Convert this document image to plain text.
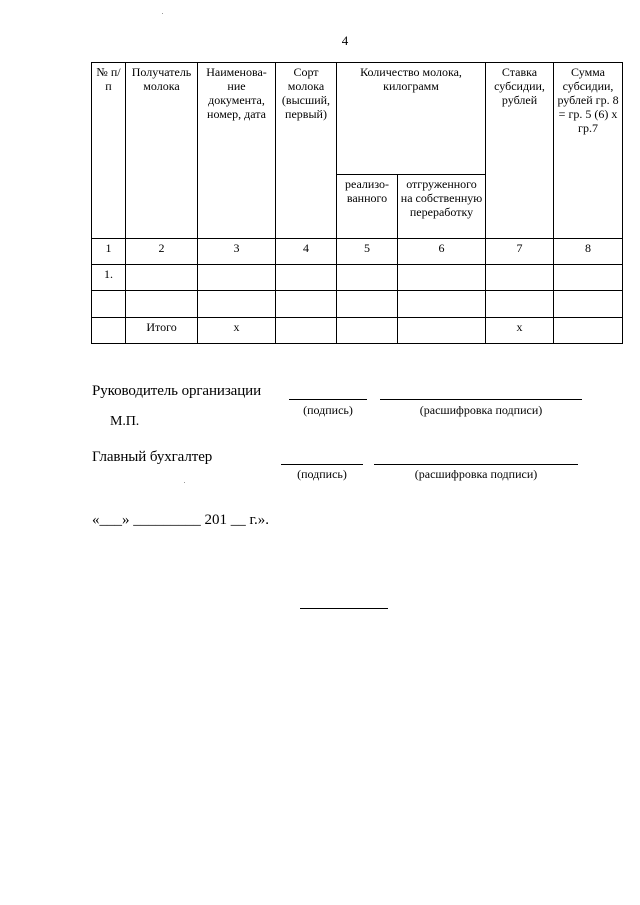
4
№ п/п	Получатель молока	Наименова-ние документа, номер, дата	Сорт молока (высший, первый)	Количество молока, килограмм		Ставка субсидии, рублей	Сумма субсидии, рублей гр. 8 = гр. 5 (6) х гр.7
				реализо-ванного	отгруженного на собственную переработку		
1	2	3	4	5	6	7	8
1.							

	Итого	х				х	
Руководитель организации
(подпись)	(расшифровка подписи)
М.П.
Главный бухгалтер
(подпись)	(расшифровка подписи)
«___» _________ 201 __ г.».
